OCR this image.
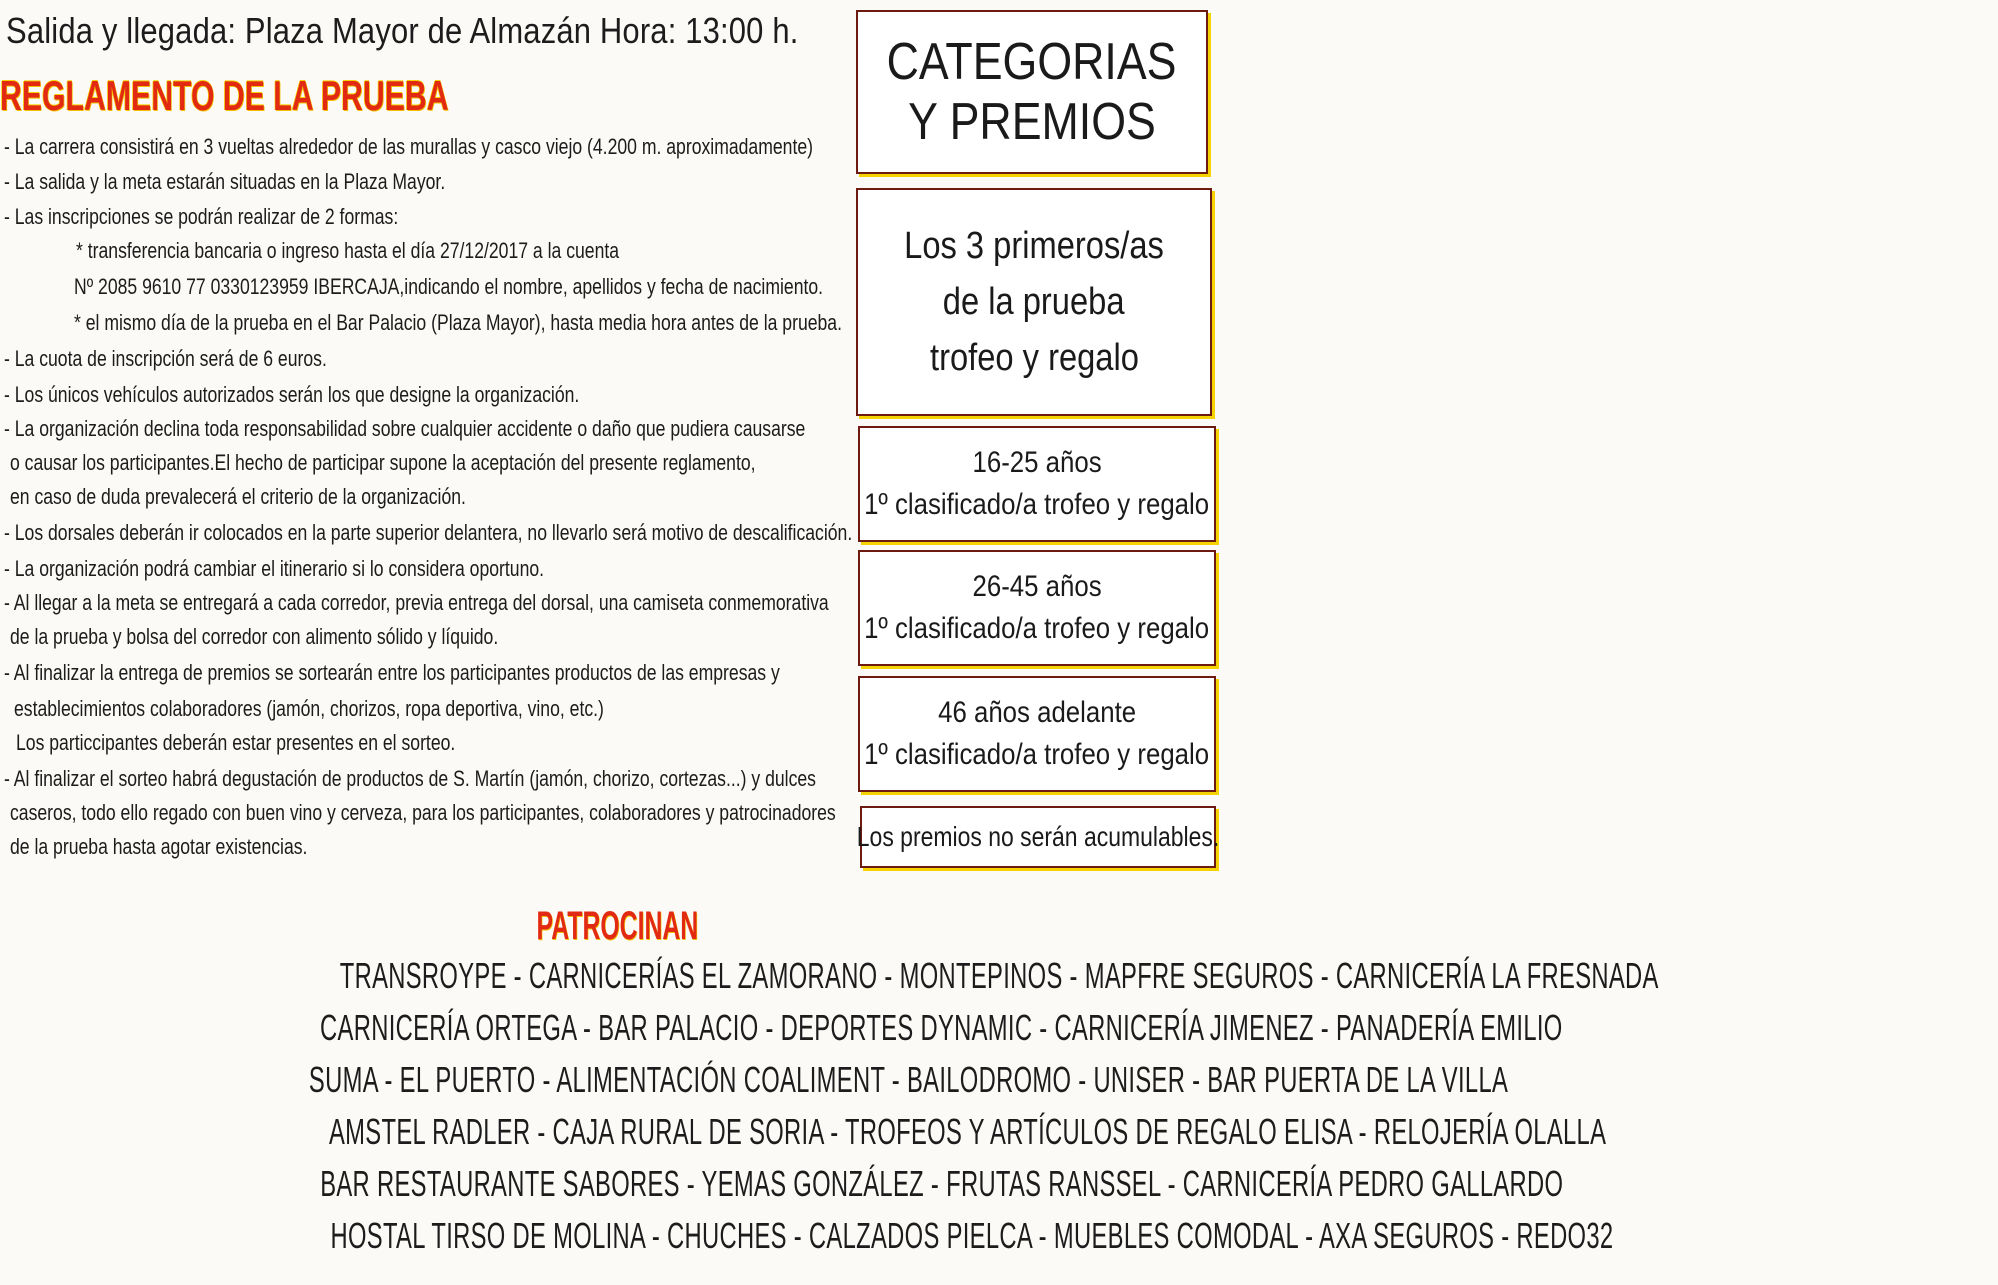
Salida y llegada: Plaza Mayor de Almazán Hora: 13:00 h.
REGLAMENTO DE LA PRUEBA
- La carrera consistirá en 3 vueltas alrededor de las murallas y casco viejo (4.200 m. aproximadamente)
- La salida y la meta estarán situadas en la Plaza Mayor.
- Las inscripciones se podrán realizar de 2 formas:
* transferencia bancaria o ingreso hasta el día 27/12/2017 a la cuenta
Nº 2085 9610 77 0330123959 IBERCAJA,indicando el nombre, apellidos y fecha de nacimiento.
* el mismo día de la prueba en el Bar Palacio (Plaza Mayor), hasta media hora antes de la prueba.
- La cuota de inscripción será de 6 euros.
- Los únicos vehículos autorizados serán los que designe la organización.
- La organización declina toda responsabilidad sobre cualquier accidente o daño que pudiera causarse
o causar los participantes.El hecho de participar supone la aceptación del presente reglamento,
en caso de duda prevalecerá el criterio de la organización.
- Los dorsales deberán ir colocados en la parte superior delantera, no llevarlo será motivo de descalificación.
- La organización podrá cambiar el itinerario si lo considera oportuno.
- Al llegar a la meta se entregará a cada corredor, previa entrega del dorsal, una camiseta conmemorativa
de la prueba y bolsa del corredor con alimento sólido y líquido.
- Al finalizar la entrega de premios se sortearán entre los participantes productos de las empresas y
establecimientos colaboradores (jamón, chorizos, ropa deportiva, vino, etc.)
Los particcipantes deberán estar presentes en el sorteo.
- Al finalizar el sorteo habrá degustación de productos de S. Martín (jamón, chorizo, cortezas...) y dulces
caseros, todo ello regado con buen vino y cerveza, para los participantes, colaboradores y patrocinadores
de la prueba hasta agotar existencias.
CATEGORIAS
Y PREMIOS
Los 3 primeros/as
de la prueba
trofeo y regalo
16-25 años
1º clasificado/a trofeo y regalo
26-45 años
1º clasificado/a trofeo y regalo
46 años adelante
1º clasificado/a trofeo y regalo
Los premios no serán acumulables.
PATROCINAN
TRANSROYPE - CARNICERÍAS EL ZAMORANO - MONTEPINOS - MAPFRE SEGUROS - CARNICERÍA LA FRESNADA
CARNICERÍA ORTEGA - BAR PALACIO - DEPORTES DYNAMIC - CARNICERÍA JIMENEZ - PANADERÍA EMILIO
SUMA - EL PUERTO - ALIMENTACIÓN COALIMENT - BAILODROMO - UNISER - BAR PUERTA DE LA VILLA
AMSTEL RADLER - CAJA RURAL DE SORIA - TROFEOS Y ARTÍCULOS DE REGALO ELISA - RELOJERÍA OLALLA
BAR RESTAURANTE SABORES - YEMAS GONZÁLEZ - FRUTAS RANSSEL - CARNICERÍA PEDRO GALLARDO
HOSTAL TIRSO DE MOLINA - CHUCHES - CALZADOS PIELCA - MUEBLES COMODAL - AXA SEGUROS - REDO32
